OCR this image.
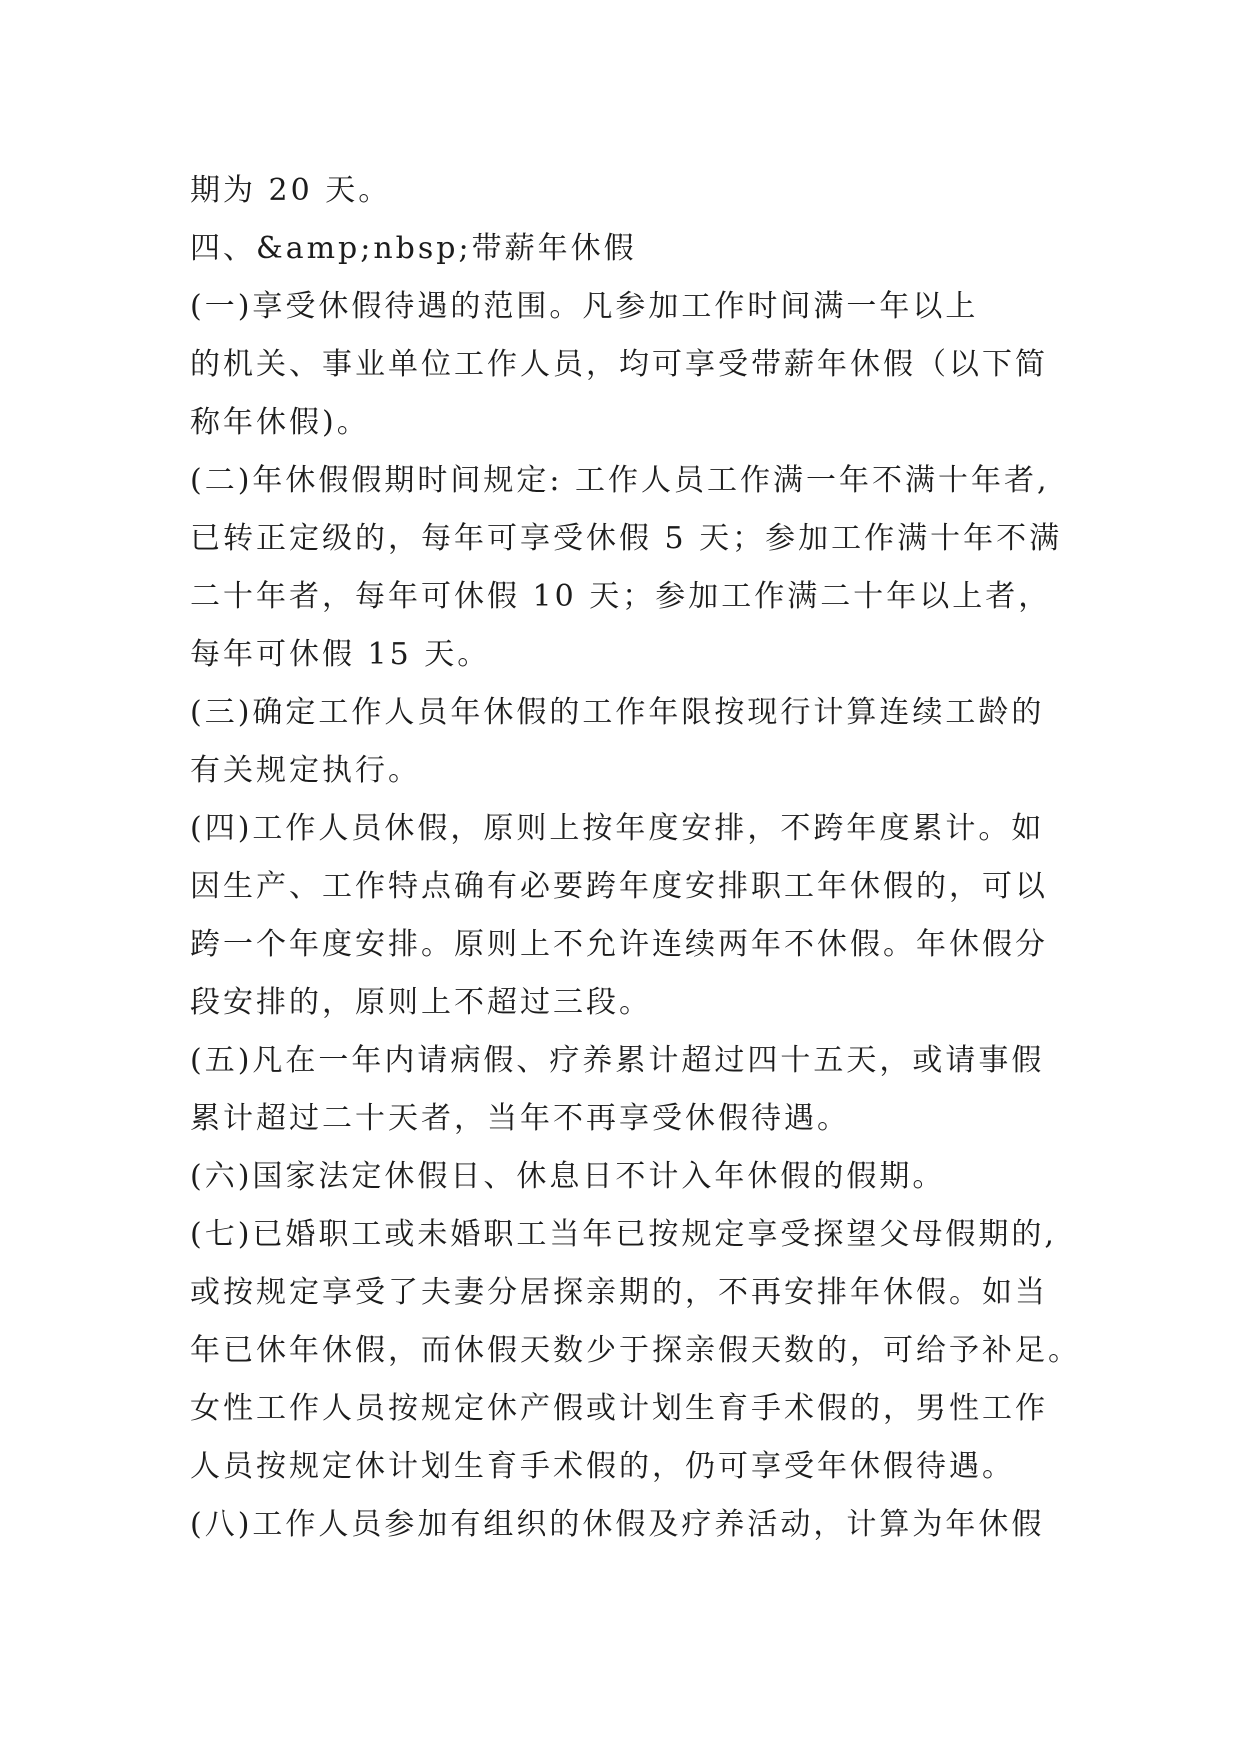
期为 20 天。
四、&amp;nbsp;带薪年休假
(一)享受休假待遇的范围。凡参加工作时间满一年以上
的机关、事业单位工作人员，均可享受带薪年休假（以下简
称年休假)。
(二)年休假假期时间规定: 工作人员工作满一年不满十年者,
已转正定级的，每年可享受休假 5 天；参加工作满十年不满
二十年者，每年可休假 10 天；参加工作满二十年以上者，
每年可休假 15 天。
(三)确定工作人员年休假的工作年限按现行计算连续工龄的
有关规定执行。
(四)工作人员休假，原则上按年度安排，不跨年度累计。如
因生产、工作特点确有必要跨年度安排职工年休假的，可以
跨一个年度安排。原则上不允许连续两年不休假。年休假分
段安排的，原则上不超过三段。
(五)凡在一年内请病假、疗养累计超过四十五天，或请事假
累计超过二十天者，当年不再享受休假待遇。
(六)国家法定休假日、休息日不计入年休假的假期。
(七)已婚职工或未婚职工当年已按规定享受探望父母假期的,
或按规定享受了夫妻分居探亲期的，不再安排年休假。如当
年已休年休假，而休假天数少于探亲假天数的，可给予补足。
女性工作人员按规定休产假或计划生育手术假的，男性工作
人员按规定休计划生育手术假的，仍可享受年休假待遇。
(八)工作人员参加有组织的休假及疗养活动，计算为年休假
